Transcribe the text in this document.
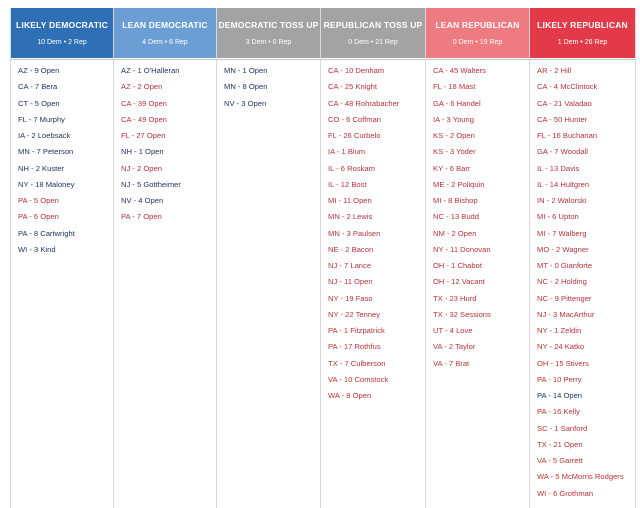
LIKELY DEMOCRATIC
10 Dem • 2 Rep
AZ - 9 Open
CA - 7 Bera
CT - 5 Open
FL - 7 Murphy
IA - 2 Loebsack
MN - 7 Peterson
NH - 2 Kuster
NY - 18 Maloney
PA - 5 Open
PA - 6 Open
PA - 8 Cartwright
WI - 3 Kind
LEAN DEMOCRATIC
4 Dem • 6 Rep
AZ - 1 O'Halleran
AZ - 2 Open
CA - 39 Open
CA - 49 Open
FL - 27 Open
NH - 1 Open
NJ - 2 Open
NJ - 5 Gottheimer
NV - 4 Open
PA - 7 Open
DEMOCRATIC TOSS UP
3 Dem • 0 Rep
MN - 1 Open
MN - 8 Open
NV - 3 Open
REPUBLICAN TOSS UP
0 Dem • 21 Rep
CA - 10 Denham
CA - 25 Knight
CA - 48 Rohrabacher
CO - 6 Coffman
FL - 26 Curbelo
IA - 1 Blum
IL - 6 Roskam
IL - 12 Bost
MI - 11 Open
MN - 2 Lewis
MN - 3 Paulsen
NE - 2 Bacon
NJ - 7 Lance
NJ - 11 Open
NY - 19 Faso
NY - 22 Tenney
PA - 1 Fitzpatrick
PA - 17 Rothfus
TX - 7 Culberson
VA - 10 Comstock
WA - 8 Open
LEAN REPUBLICAN
0 Dem • 19 Rep
CA - 45 Walters
FL - 18 Mast
GA - 6 Handel
IA - 3 Young
KS - 2 Open
KS - 3 Yoder
KY - 6 Barr
ME - 2 Poliquin
MI - 8 Bishop
NC - 13 Budd
NM - 2 Open
NY - 11 Donovan
OH - 1 Chabot
OH - 12 Vacant
TX - 23 Hurd
TX - 32 Sessions
UT - 4 Love
VA - 2 Taylor
VA - 7 Brat
LIKELY REPUBLICAN
1 Dem • 26 Rep
AR - 2 Hill
CA - 4 McClintock
CA - 21 Valadao
CA - 50 Hunter
FL - 16 Buchanan
GA - 7 Woodall
IL - 13 Davis
IL - 14 Hultgren
IN - 2 Walorski
MI - 6 Upton
MI - 7 Walberg
MO - 2 Wagner
MT - 0 Gianforte
NC - 2 Holding
NC - 9 Pittenger
NJ - 3 MacArthur
NY - 1 Zeldin
NY - 24 Katko
OH - 15 Stivers
PA - 10 Perry
PA - 14 Open
PA - 16 Kelly
SC - 1 Sanford
TX - 21 Open
VA - 5 Garrett
WA - 5 McMorris Rodgers
WI - 6 Grothman
